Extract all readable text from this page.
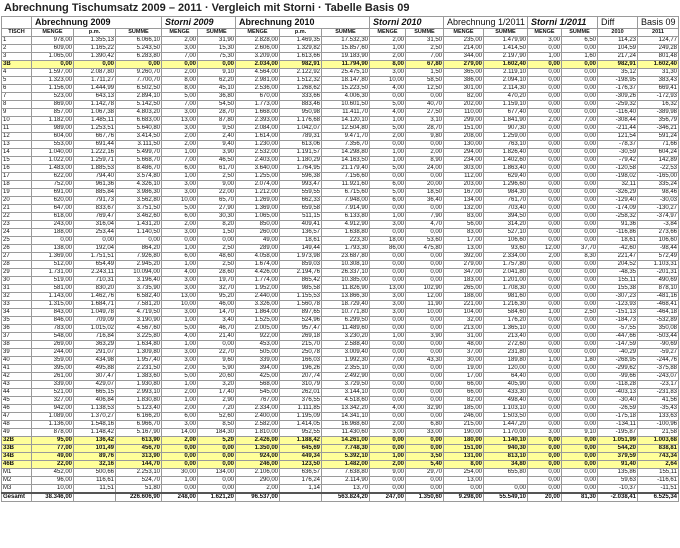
Abrechnung Tischumsatz 2009 – 2011 · Vergleich mit Storni · Tabelle Basis 09
	Abrechnung 2009			Storni 2009		Abrechnung 2010			Storni 2010		Abrechnung 1/2011		Storni 1/2011		Diff	Basis 09
TISCH	MENGE	p.m.	SUMME	MENGE	SUMME	MENGE	p.m.	SUMME	MENGE	SUMME	MENGE	SUMME	MENGE	SUMME	2010	2011
1	978,00	1.355,13	6.066,10	2,00	31,90	2.828,00	1.469,35	17.532,30	2,00	31,50	235,00	1.479,90	3,00	6,50	114,23	124,77
2	609,00	1.165,22	5.243,50	3,00	15,30	2.606,00	1.329,82	15.857,60	1,00	2,50	214,00	1.414,50	0,00	0,00	104,59	249,28
3	1.065,00	1.390,42	6.283,80	7,00	75,30	3.209,00	1.613,66	19.183,90	2,00	7,00	344,00	2.197,90	1,00	1,60	217,24	801,48
3B	0,00	0,00	0,00	0,00	0,00	2.034,00	982,91	11.794,90	8,00	67,80	279,00	1.602,40	0,00	0,00	982,91	1.602,40
4	1.597,00	2.087,80	9.260,70	2,00	9,10	4.564,00	2.122,92	25.475,10	3,00	1,50	365,00	2.119,10	0,00	0,00	35,12	31,30
5	1.323,00	1.711,27	7.700,70	8,00	62,20	2.981,00	1.512,32	18.147,80	10,00	58,50	386,00	2.094,10	0,00	0,00	-198,95	383,43
6	1.156,00	1.444,99	6.502,50	8,00	45,10	2.536,00	1.268,62	15.223,50	4,00	12,50	301,00	2.114,30	0,00	0,00	-176,37	669,41
7	523,00	643,13	2.894,10	5,00	36,80	670,00	333,66	4.006,30	0,00	0,00	82,00	470,20	0,00	0,00	-309,26	-172,93
8	869,00	1.142,78	5.142,50	7,00	54,50	1.773,00	883,46	10.601,50	5,00	40,70	202,00	1.159,10	0,00	0,00	-259,32	16,32
9	857,00	1.067,38	4.803,20	3,00	28,70	1.668,00	950,98	11.411,70	4,00	27,50	110,00	677,40	0,00	0,00	-116,40	-389,98
10	1.182,00	1.485,11	6.683,00	13,00	87,80	2.393,00	1.176,68	14.120,10	1,00	3,10	299,00	1.841,90	2,00	7,00	-308,44	356,79
11	989,00	1.253,51	5.640,80	3,00	9,50	2.084,00	1.042,07	12.504,80	5,00	28,70	151,00	907,30	0,00	0,00	-211,44	-346,21
12	604,00	667,76	3.414,50	2,00	2,40	1.614,00	789,31	9.471,70	2,00	9,80	208,00	1.259,00	0,00	0,00	121,54	591,24
13	553,00	691,44	3.111,50	2,00	9,40	1.230,00	613,06	7.356,70	0,00	0,00	130,00	763,10	0,00	0,00	-78,37	71,66
14	1.040,00	1.222,16	5.499,70	1,00	3,90	2.532,00	1.191,57	14.298,80	1,00	2,00	294,00	1.826,40	0,00	0,00	-30,59	604,24
15	1.022,00	1.259,71	5.668,70	7,00	46,50	2.403,00	1.180,29	14.163,50	1,00	8,90	234,00	1.402,60	0,00	0,00	-79,42	142,89
16	1.483,00	1.885,53	8.486,70	6,00	61,70	3.640,00	1.764,95	21.179,40	5,00	24,00	303,00	1.863,40	0,00	0,00	-120,58	-22,53
17	622,00	794,40	3.574,80	1,00	2,50	1.255,00	596,38	7.156,60	0,00	0,00	112,00	629,40	0,00	0,00	-198,02	-165,00
18	752,00	961,36	4.326,10	3,00	9,00	2.074,00	993,47	11.921,60	6,00	20,00	203,00	1.296,60	0,00	0,00	32,11	335,24
19	691,00	885,84	3.986,30	3,00	22,00	1.212,00	559,55	6.715,60	5,00	18,50	167,00	984,30	0,00	0,00	-326,29	98,46
20	620,00	791,73	3.562,80	10,00	65,70	1.269,00	662,33	7.948,00	6,00	36,40	134,00	761,70	0,00	0,00	-129,40	-30,03
21	647,00	833,67	3.751,50	5,00	27,90	1.369,00	659,58	7.914,90	0,00	0,00	132,00	703,40	0,00	0,00	-174,09	-130,27
22	618,00	769,47	3.462,60	6,00	30,30	1.065,00	511,15	6.133,80	1,00	7,90	83,00	394,50	0,00	0,00	-258,32	-374,97
23	243,00	316,04	1.431,20	2,00	8,20	850,00	409,41	4.912,90	3,00	4,70	56,00	314,20	0,00	0,00	91,36	-3,84
24	188,00	253,44	1.140,50	3,00	1,50	260,00	136,57	1.638,80	0,00	0,00	83,00	527,10	0,00	0,00	-116,86	273,66
25	0,00	0,00	0,00	0,00	0,00	49,00	18,61	223,30	18,00	53,60	17,00	106,60	0,00	0,00	18,61	106,60
26	138,00	192,04	864,20	1,00	2,50	289,00	149,44	1.793,30	86,00	475,80	13,00	93,60	12,00	37,70	-42,60	-98,44
27	1.369,00	1.751,51	7.926,80	6,00	48,60	4.058,00	1.973,98	23.687,80	0,00	0,00	392,00	2.334,00	2,00	8,30	221,47	572,49
28	512,00	654,49	2.945,20	1,00	2,50	1.674,00	859,03	10.308,10	0,00	0,00	279,00	1.757,80	0,00	0,00	204,52	1.103,31
29	1.731,00	2.243,11	10.094,00	4,00	28,60	4.426,00	2.194,76	26.337,10	0,00	0,00	347,00	2.041,80	0,00	0,00	-48,35	-201,31
30	519,00	710,31	3.196,40	3,00	19,70	1.774,00	865,42	10.385,00	0,00	0,00	183,00	1.201,00	0,00	0,00	155,11	490,69
31	581,00	830,20	3.735,90	3,00	32,70	1.952,00	985,58	11.826,90	13,00	102,90	265,00	1.708,30	0,00	0,00	155,38	878,10
32	1.143,00	1.462,76	6.582,40	13,00	95,20	2.440,00	1.155,53	13.866,30	3,00	12,00	188,00	981,60	0,00	0,00	-307,23	-481,16
33	1.315,00	1.684,71	7.581,20	10,00	46,00	3.326,00	1.560,78	18.729,40	3,00	11,90	221,00	1.216,30	0,00	0,00	-123,93	-468,41
34	843,00	1.049,78	4.719,50	3,00	14,70	1.864,00	897,65	10.771,80	3,00	10,00	104,00	584,60	1,00	2,50	-151,13	-464,18
35	846,00	709,09	3.190,90	1,00	3,40	1.525,00	524,96	6.299,50	0,00	0,00	32,00	176,20	0,00	0,00	-184,73	-532,89
36	783,00	1.015,02	4.567,60	5,00	46,70	2.005,00	957,47	11.489,60	0,00	0,00	213,00	1.365,10	0,00	0,00	-57,55	350,08
37	548,00	716,84	3.225,80	4,00	21,40	922,00	269,18	3.230,20	1,00	3,90	31,00	213,40	0,00	0,00	-447,66	-503,44
38	269,00	363,29	1.634,80	1,00	0,00	453,00	215,70	2.588,40	0,00	0,00	48,00	272,60	0,00	0,00	-147,59	-90,69
39	244,00	291,07	1.309,80	3,00	22,70	505,00	250,78	3.009,40	0,00	0,00	37,00	231,80	0,00	0,00	-40,29	-59,27
40	359,00	434,98	1.957,40	3,00	9,60	339,00	166,03	1.992,30	7,00	43,30	30,00	189,80	1,00	1,80	-268,95	-244,76
41	395,00	495,88	2.231,50	2,00	5,90	394,00	196,26	2.355,10	0,00	0,00	19,00	120,00	0,00	0,00	-299,62	-375,88
42	261,00	307,47	1.383,60	5,00	20,60	425,00	207,74	2.492,90	0,00	0,00	17,00	64,40	0,00	0,00	-99,66	-243,07
43	339,00	429,07	1.930,80	1,00	3,20	568,00	310,79	3.729,50	0,00	0,00	66,00	405,90	0,00	0,00	-118,28	-23,17
44	521,00	665,15	2.993,10	2,00	17,40	545,00	262,01	3.144,10	0,00	0,00	66,00	433,30	0,00	0,00	-403,13	-231,83
45	327,00	406,84	1.830,80	1,00	2,90	767,00	376,55	4.518,60	0,00	0,00	82,00	498,40	0,00	0,00	-30,40	41,56
46	942,00	1.138,53	5.123,40	2,00	7,20	2.334,00	1.111,85	13.342,20	4,00	32,90	185,00	1.103,10	0,00	0,00	-26,59	-35,43
47	1.089,00	1.370,27	6.166,20	6,00	52,60	2.400,00	1.195,09	14.341,10	0,00	0,00	246,00	1.503,50	0,00	0,00	-175,18	133,63
48	1.136,00	1.548,16	6.966,70	3,00	8,50	2.582,00	1.414,05	16.968,60	2,00	6,80	215,00	1.447,20	0,00	0,00	-134,11	-100,96
49	878,00	1.148,42	5.167,90	14,00	184,30	1.810,00	952,55	11.430,60	3,00	33,00	190,00	1.170,00	3,00	9,10	-195,87	21,58
32B	95,00	136,42	613,90	2,00	5,20	2.426,00	1.188,42	14.261,00	0,00	0,00	180,00	1.140,10	0,00	0,00	1.051,99	1.003,68
33B	77,00	101,49	456,70	0,00	0,00	1.350,00	645,69	7.748,30	0,00	0,00	151,00	940,30	0,00	0,00	544,20	838,81
34B	49,00	89,76	313,90	0,00	0,00	924,00	449,34	5.392,10	1,00	3,50	131,00	813,10	0,00	0,00	379,59	743,34
46B	22,00	32,16	144,70	0,00	0,00	246,00	123,50	1.482,00	2,00	5,40	8,00	34,80	0,00	0,00	91,40	2,64
M1	452,00	500,66	2.253,10	30,00	134,00	2.106,00	636,57	7.638,80	9,00	29,70	254,00	655,80	0,00	0,00	135,86	155,11
M2	96,00	116,61	524,70	1,00	0,00	290,00	176,24	2.114,90	0,00	0,00	13,00		0,00	0,00	59,63	-116,61
M3	10,00	11,51	51,80	0,00	0,00	2,00	1,14	13,70	0,00	0,00	0,00	0,00	0,00	0,00	-10,37	-11,51
Gesamt	38.346,00		226.606,90	248,00	1.621,20	96.537,00		563.824,20	247,00	1.350,60	9.298,00	55.549,10	20,00	81,30	-2.038,41	6.525,34
